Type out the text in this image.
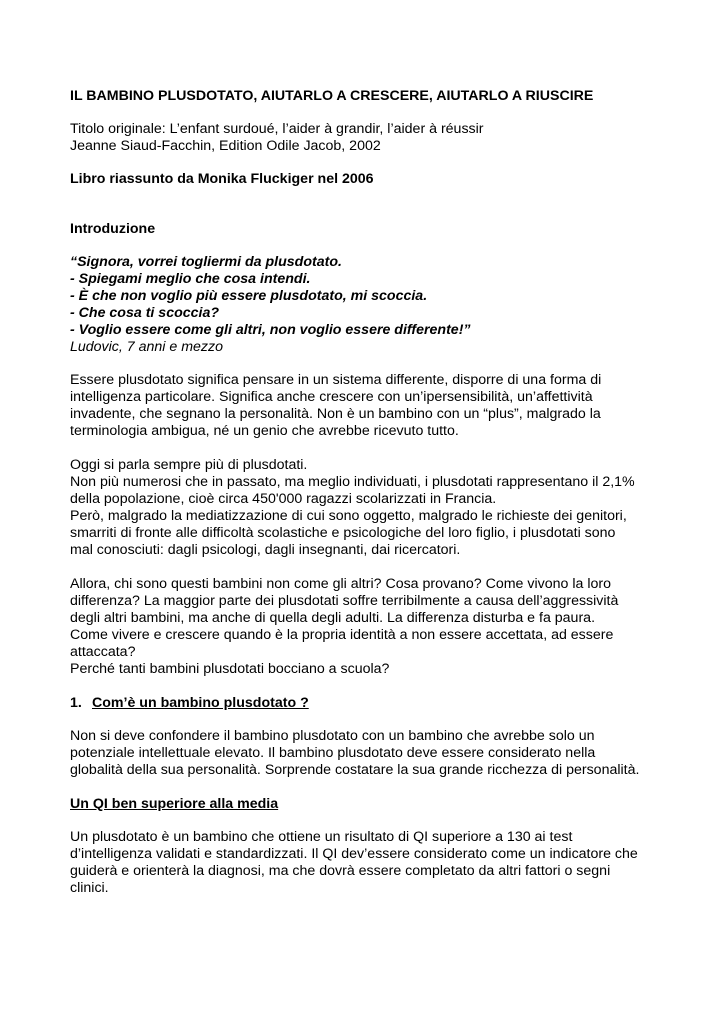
IL BAMBINO PLUSDOTATO, AIUTARLO A CRESCERE, AIUTARLO A RIUSCIRE

Titolo originale: L’enfant surdoué, l’aider à grandir, l’aider à réussir
Jeanne Siaud-Facchin, Edition Odile Jacob, 2002

Libro riassunto da Monika Fluckiger nel 2006

Introduzione

“Signora, vorrei togliermi da plusdotato.
- Spiegami meglio che cosa intendi.
- È che non voglio più essere plusdotato, mi scoccia.
- Che cosa ti scoccia?
- Voglio essere come gli altri, non voglio essere differente!”
Ludovic, 7 anni e mezzo

Essere plusdotato significa pensare in un sistema differente, disporre di una forma di
intelligenza particolare. Significa anche crescere con un’ipersensibilità, un’affettività
invadente, che segnano la personalità. Non è un bambino con un “plus”, malgrado la
terminologia ambigua, né un genio che avrebbe ricevuto tutto.

Oggi si parla sempre più di plusdotati.
Non più numerosi che in passato, ma meglio individuati, i plusdotati rappresentano il 2,1%
della popolazione, cioè circa 450'000 ragazzi scolarizzati in Francia.
Però, malgrado la mediatizzazione di cui sono oggetto, malgrado le richieste dei genitori,
smarriti di fronte alle difficoltà scolastiche e psicologiche del loro figlio, i plusdotati sono
mal conosciuti: dagli psicologi, dagli insegnanti, dai ricercatori.

Allora, chi sono questi bambini non come gli altri? Cosa provano? Come vivono la loro
differenza? La maggior parte dei plusdotati soffre terribilmente a causa dell’aggressività
degli altri bambini, ma anche di quella degli adulti. La differenza disturba e fa paura.
Come vivere e crescere quando è la propria identità a non essere accettata, ad essere
attaccata?
Perché tanti bambini plusdotati bocciano a scuola?

1. Com’è un bambino plusdotato ?

Non si deve confondere il bambino plusdotato con un bambino che avrebbe solo un
potenziale intellettuale elevato. Il bambino plusdotato deve essere considerato nella
globalità della sua personalità. Sorprende costatare la sua grande ricchezza di personalità.

Un QI ben superiore alla media

Un plusdotato è un bambino che ottiene un risultato di QI superiore a 130 ai test
d’intelligenza validati e standardizzati. Il QI dev’essere considerato come un indicatore che
guiderà e orienterà la diagnosi, ma che dovrà essere completato da altri fattori o segni
clinici.
